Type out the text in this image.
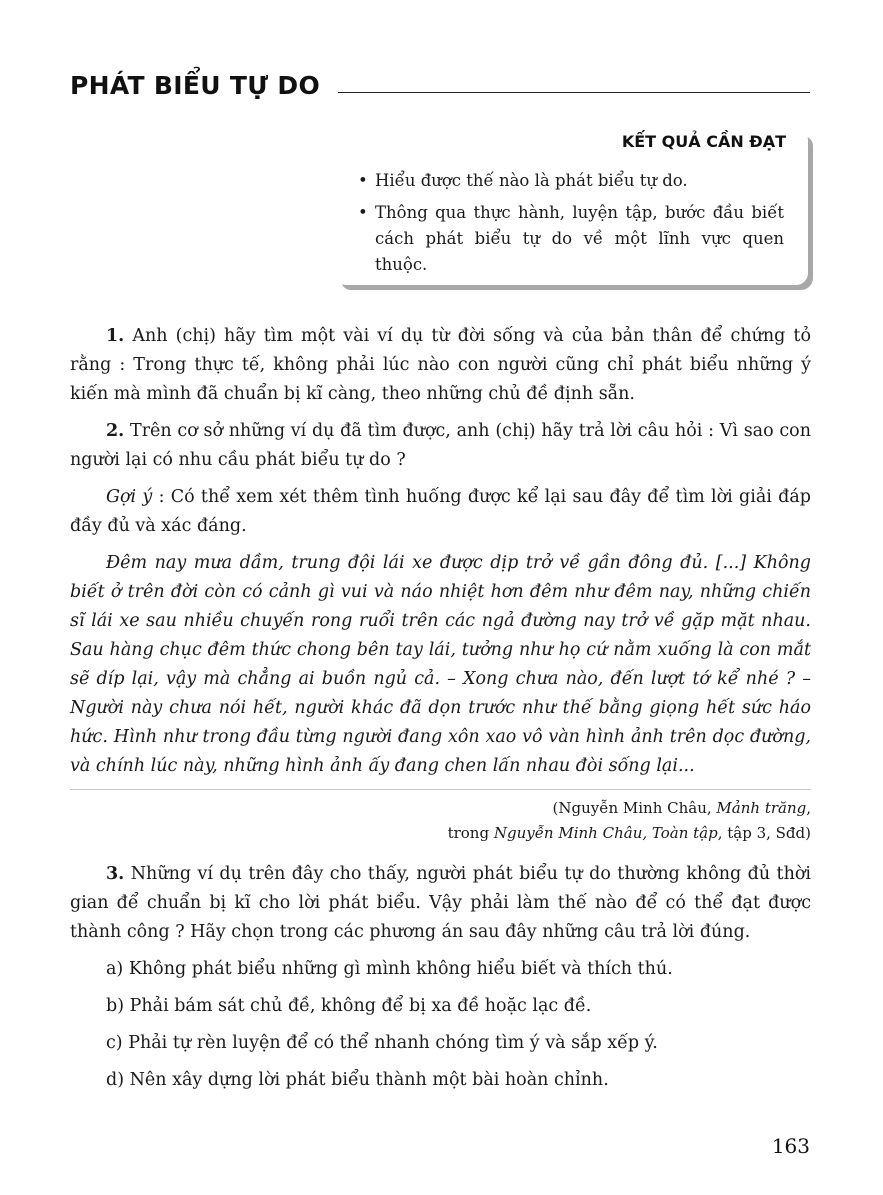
PHÁT BIỂU TỰ DO
KẾT QUẢ CẦN ĐẠT
• Hiểu được thế nào là phát biểu tự do.
• Thông qua thực hành, luyện tập, bước đầu biết cách phát biểu tự do về một lĩnh vực quen thuộc.

1. Anh (chị) hãy tìm một vài ví dụ từ đời sống và của bản thân để chứng tỏ rằng : Trong thực tế, không phải lúc nào con người cũng chỉ phát biểu những ý kiến mà mình đã chuẩn bị kĩ càng, theo những chủ đề định sẵn.

2. Trên cơ sở những ví dụ đã tìm được, anh (chị) hãy trả lời câu hỏi : Vì sao con người lại có nhu cầu phát biểu tự do ?

Gợi ý : Có thể xem xét thêm tình huống được kể lại sau đây để tìm lời giải đáp đầy đủ và xác đáng.

Đêm nay mưa dầm, trung đội lái xe được dịp trở về gần đông đủ. [...] Không biết ở trên đời còn có cảnh gì vui và náo nhiệt hơn đêm như đêm nay, những chiến sĩ lái xe sau nhiều chuyến rong ruổi trên các ngả đường nay trở về gặp mặt nhau. Sau hàng chục đêm thức chong bên tay lái, tưởng như họ cứ nằm xuống là con mắt sẽ díp lại, vậy mà chẳng ai buồn ngủ cả. – Xong chưa nào, đến lượt tớ kể nhé ? – Người này chưa nói hết, người khác đã dọn trước như thế bằng giọng hết sức háo hức. Hình như trong đầu từng người đang xôn xao vô vàn hình ảnh trên dọc đường, và chính lúc này, những hình ảnh ấy đang chen lấn nhau đòi sống lại...

(Nguyễn Minh Châu, Mảnh trăng,
trong Nguyễn Minh Châu, Toàn tập, tập 3, Sđd)

3. Những ví dụ trên đây cho thấy, người phát biểu tự do thường không đủ thời gian để chuẩn bị kĩ cho lời phát biểu. Vậy phải làm thế nào để có thể đạt được thành công ? Hãy chọn trong các phương án sau đây những câu trả lời đúng.

a) Không phát biểu những gì mình không hiểu biết và thích thú.
b) Phải bám sát chủ đề, không để bị xa đề hoặc lạc đề.
c) Phải tự rèn luyện để có thể nhanh chóng tìm ý và sắp xếp ý.
d) Nên xây dựng lời phát biểu thành một bài hoàn chỉnh.
163
